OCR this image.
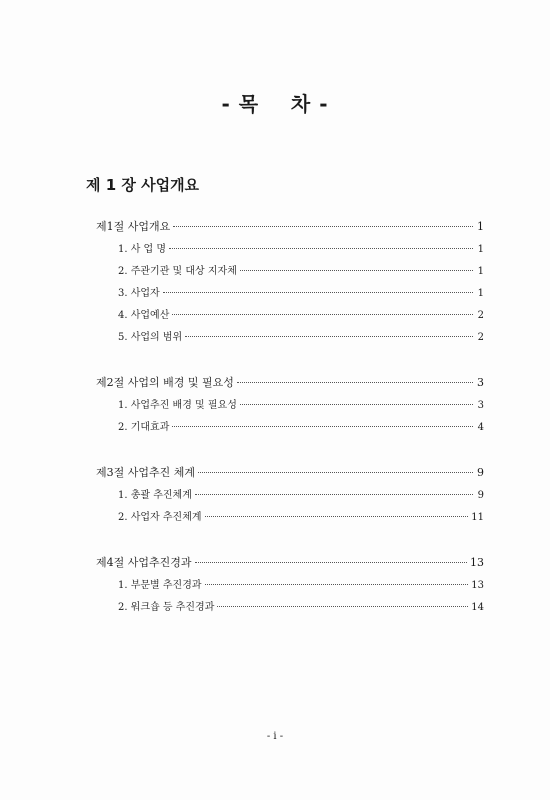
- 목    차 -
제 1 장 사업개요
제1절 사업개요	1
1. 사 업 명	1
2. 주관기관 및 대상 지자체	1
3. 사업자	1
4. 사업예산	2
5. 사업의 범위	2
제2절 사업의 배경 및 필요성	3
1. 사업추진 배경 및 필요성	3
2. 기대효과	4
제3절 사업추진 체계	9
1. 총괄 추진체계	9
2. 사업자 추진체계	11
제4절 사업추진경과	13
1. 부문별 추진경과	13
2. 워크숍 등 추진경과	14
- i -
